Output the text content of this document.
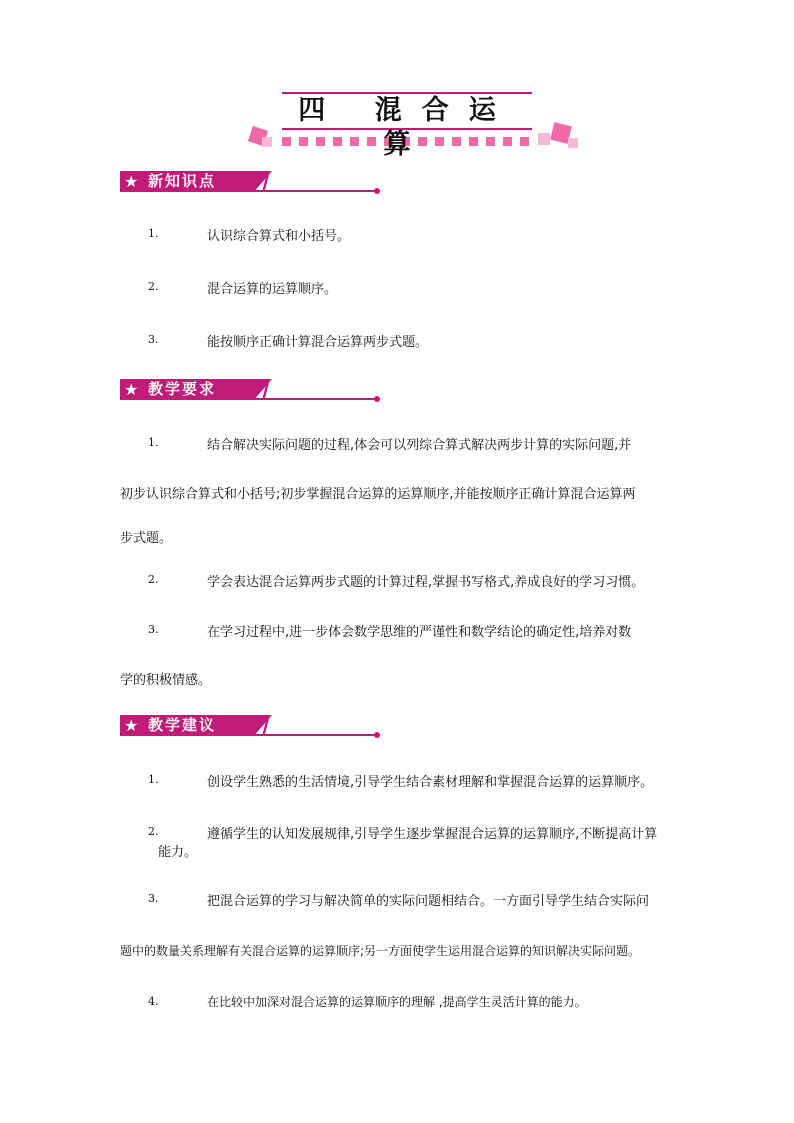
四 混合运算
★ 新知识点
1.	认识综合算式和小括号。
2.	混合运算的运算顺序。
3.	能按顺序正确计算混合运算两步式题。
★ 教学要求
1.	结合解决实际问题的过程,体会可以列综合算式解决两步计算的实际问题,并
初步认识综合算式和小括号;初步掌握混合运算的运算顺序,并能按顺序正确计算混合运算两
步式题。
2.	学会表达混合运算两步式题的计算过程,掌握书写格式,养成良好的学习习惯。
3.	在学习过程中,进一步体会数学思维的严谨性和数学结论的确定性,培养对数
学的积极情感。
★ 教学建议
1.	创设学生熟悉的生活情境,引导学生结合素材理解和掌握混合运算的运算顺序。
2.	遵循学生的认知发展规律,引导学生逐步掌握混合运算的运算顺序,不断提高计算
能力。
3.	把混合运算的学习与解决简单的实际问题相结合。一方面引导学生结合实际问
题中的数量关系理解有关混合运算的运算顺序;另一方面使学生运用混合运算的知识解决实际问题。
4.	在比较中加深对混合运算的运算顺序的理解 ,提高学生灵活计算的能力。
